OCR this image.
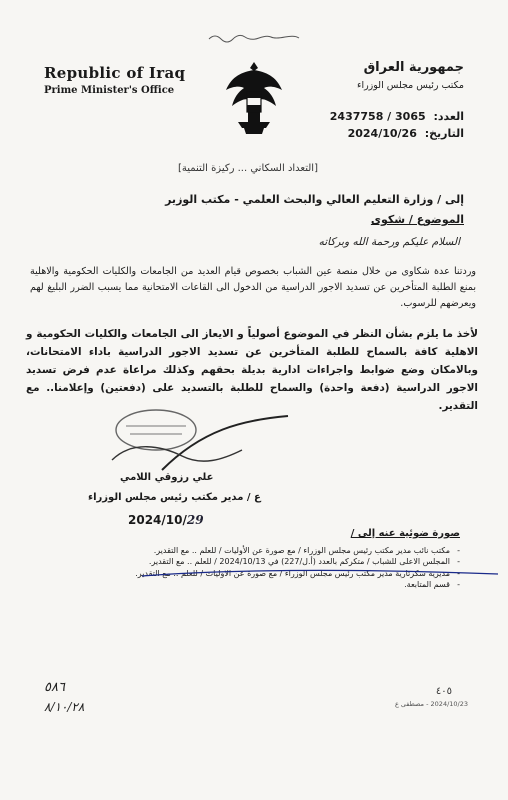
Republic of Iraq
Prime Minister's Office
جمهورية العراق
مكتب رئيس مجلس الوزراء
العدد: 2437758 / 3065
التاريخ: 2024/10/26
[التعداد السكاني ... ركيزة التنمية]
إلى / وزارة التعليم العالي والبحث العلمي - مكتب الوزير
الموضوع / شكوى
السلام عليكم ورحمة الله وبركاته
وردتنا عدة شكاوى من خلال منصة عين الشباب بخصوص قيام العديد من الجامعات والكليات الحكومية والاهلية بمنع الطلبة المتأخرين عن تسديد الاجور الدراسية من الدخول الى القاعات الامتحانية مما يسبب الضرر البليغ لهم ويعرضهم للرسوب.
لأخذ ما يلزم بشأن النظر في الموضوع أصولياً و الايعاز الى الجامعات والكليات الحكومية و الاهلية كافة بالسماح للطلبة المتأخرين عن تسديد الاجور الدراسية باداء الامتحانات، وبالامكان وضع ضوابط واجراءات ادارية بديلة بحقهم وكذلك مراعاة عدم فرض تسديد الاجور الدراسية (دفعة واحدة) والسماح للطلبة بالتسديد على (دفعتين) وإعلامنا.. مع التقدير.
علي رزوقي اللامي
ع / مدير مكتب رئيس مجلس الوزراء
2024/10/29
صورة ضوئية عنه إلى /
- مكتب نائب مدير مكتب رئيس مجلس الوزراء / مع صورة عن الأوليات / للعلم .. مع التقدير.
- المجلس الاعلى للشباب / متكركم بالعدد (أ.ل/227) في 2024/10/13 / للعلم .. مع التقدير.
- مديرية سكرتارية مدير مكتب رئيس مجلس الوزراء / مع صورة عن الاوليات / للعلم .. مع التقدير.
- قسم المتابعة.
٥٨٦
٨/١٠/٢٨
٤٠٥
2024/10/23 - مصطفى ع
